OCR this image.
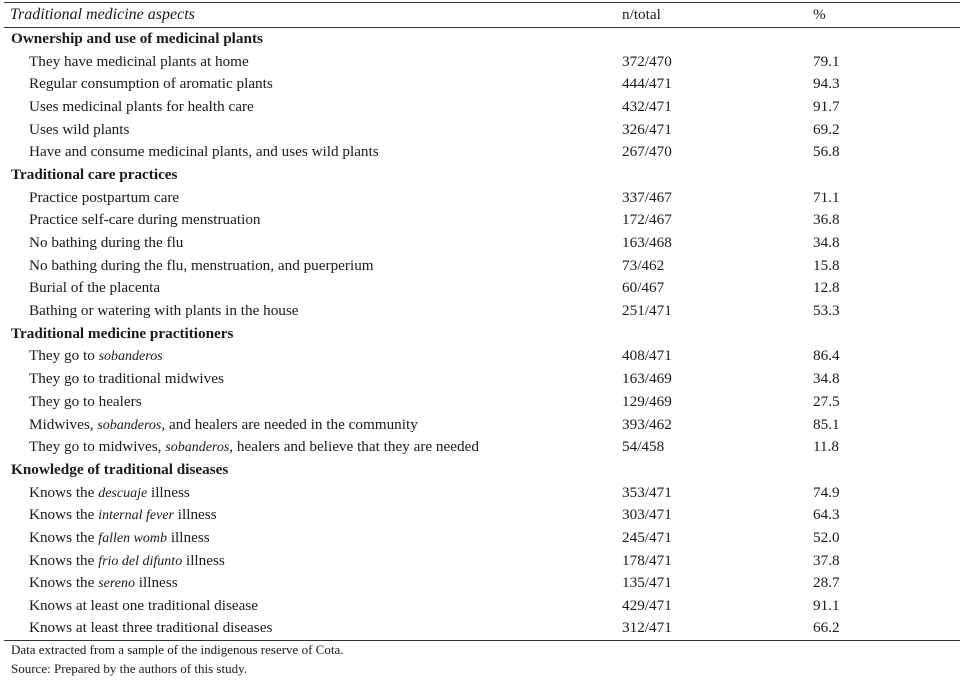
Traditional medicine aspects	n/total	%
Ownership and use of medicinal plants		
They have medicinal plants at home	372/470	79.1
Regular consumption of aromatic plants	444/471	94.3
Uses medicinal plants for health care	432/471	91.7
Uses wild plants	326/471	69.2
Have and consume medicinal plants, and uses wild plants	267/470	56.8
Traditional care practices		
Practice postpartum care	337/467	71.1
Practice self-care during menstruation	172/467	36.8
No bathing during the flu	163/468	34.8
No bathing during the flu, menstruation, and puerperium	73/462	15.8
Burial of the placenta	60/467	12.8
Bathing or watering with plants in the house	251/471	53.3
Traditional medicine practitioners		
They go to sobanderos	408/471	86.4
They go to traditional midwives	163/469	34.8
They go to healers	129/469	27.5
Midwives, sobanderos, and healers are needed in the community	393/462	85.1
They go to midwives, sobanderos, healers and believe that they are needed	54/458	11.8
Knowledge of traditional diseases		
Knows the descuaje illness	353/471	74.9
Knows the internal fever illness	303/471	64.3
Knows the fallen womb illness	245/471	52.0
Knows the frio del difunto illness	178/471	37.8
Knows the sereno illness	135/471	28.7
Knows at least one traditional disease	429/471	91.1
Knows at least three traditional diseases	312/471	66.2
Data extracted from a sample of the indigenous reserve of Cota.
Source: Prepared by the authors of this study.
